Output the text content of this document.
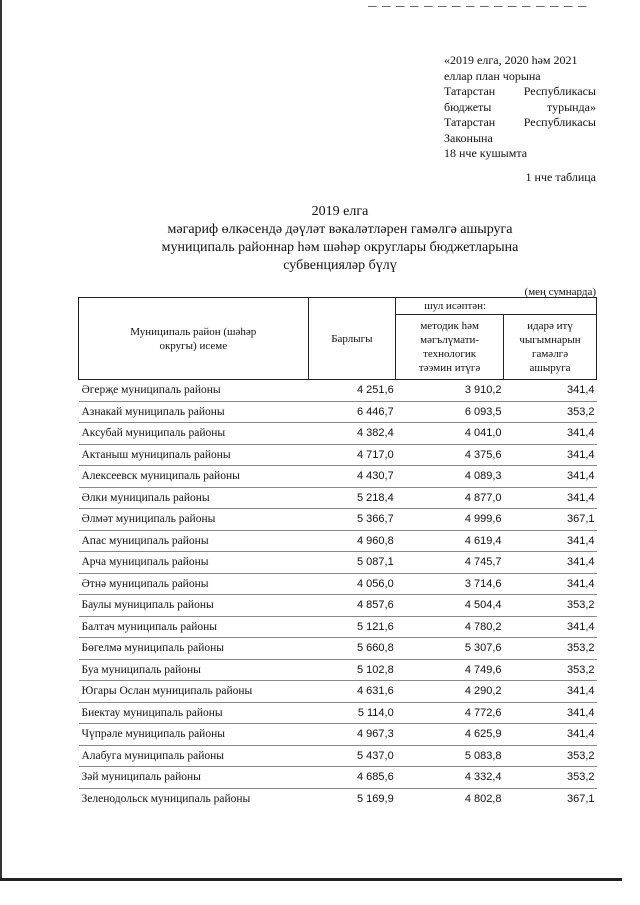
«2019 елга, 2020 һәм 2021
еллар план чорына
Татарстан Республикасы
бюджеты	турында»
Татарстан Республикасы
Законына
18 нче кушымта
1 нче таблица
2019 елга
мәгариф өлкәсендә дәүләт вәкаләтләрен гамәлгә ашыруга
муниципаль районнар һәм шәһәр округлары бюджетларына
субвенцияләр бүлү
(мең сумнарда)
Муниципаль район (шәһәр округы) исеме	Барлыгы	шул исәптән:	
		методик һәм мәгълүмати-технологик тәэмин итүгә	идарә итү чыгымнарын гамәлгә ашыруга
Әгерҗе муниципаль районы	4 251,6	3 910,2	341,4
Азнакай муниципаль районы	6 446,7	6 093,5	353,2
Аксубай муниципаль районы	4 382,4	4 041,0	341,4
Актаныш муниципаль районы	4 717,0	4 375,6	341,4
Алексеевск муниципаль районы	4 430,7	4 089,3	341,4
Әлки муниципаль районы	5 218,4	4 877,0	341,4
Әлмәт муниципаль районы	5 366,7	4 999,6	367,1
Апас муниципаль районы	4 960,8	4 619,4	341,4
Арча муниципаль районы	5 087,1	4 745,7	341,4
Әтнә муниципаль районы	4 056,0	3 714,6	341,4
Баулы муниципаль районы	4 857,6	4 504,4	353,2
Балтач муниципаль районы	5 121,6	4 780,2	341,4
Бөгелмә муниципаль районы	5 660,8	5 307,6	353,2
Буа муниципаль районы	5 102,8	4 749,6	353,2
Югары Ослан муниципаль районы	4 631,6	4 290,2	341,4
Биектау муниципаль районы	5 114,0	4 772,6	341,4
Чүпрәле муниципаль районы	4 967,3	4 625,9	341,4
Алабуга муниципаль районы	5 437,0	5 083,8	353,2
Зәй муниципаль районы	4 685,6	4 332,4	353,2
Зеленодольск муниципаль районы	5 169,9	4 802,8	367,1
